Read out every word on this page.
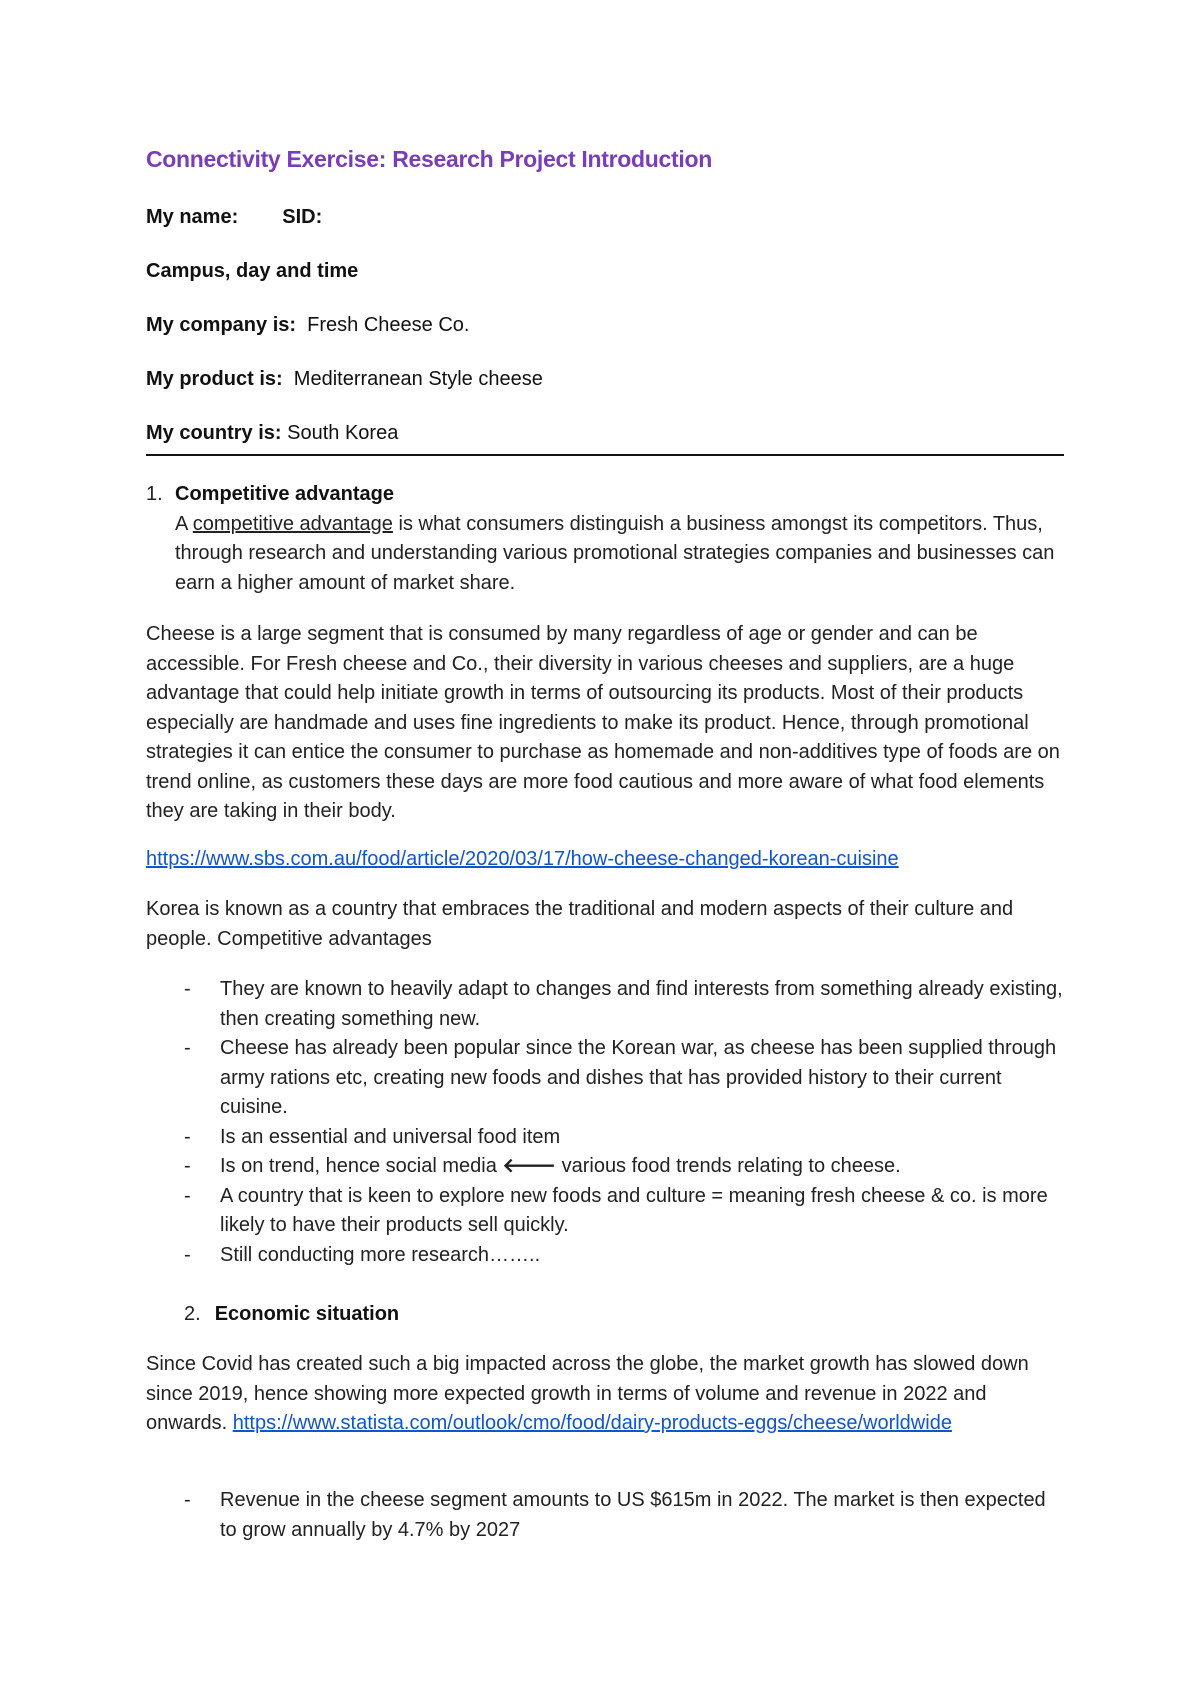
Connectivity Exercise: Research Project Introduction
My name: SID:
Campus, day and time
My company is: Fresh Cheese Co.
My product is: Mediterranean Style cheese
My country is: South Korea
1. Competitive advantage
A competitive advantage is what consumers distinguish a business amongst its competitors. Thus, through research and understanding various promotional strategies companies and businesses can earn a higher amount of market share.
Cheese is a large segment that is consumed by many regardless of age or gender and can be accessible. For Fresh cheese and Co., their diversity in various cheeses and suppliers, are a huge advantage that could help initiate growth in terms of outsourcing its products. Most of their products especially are handmade and uses fine ingredients to make its product. Hence, through promotional strategies it can entice the consumer to purchase as homemade and non-additives type of foods are on trend online, as customers these days are more food cautious and more aware of what food elements they are taking in their body.
https://www.sbs.com.au/food/article/2020/03/17/how-cheese-changed-korean-cuisine
Korea is known as a country that embraces the traditional and modern aspects of their culture and people. Competitive advantages
- They are known to heavily adapt to changes and find interests from something already existing, then creating something new.
- Cheese has already been popular since the Korean war, as cheese has been supplied through army rations etc, creating new foods and dishes that has provided history to their current cuisine.
- Is an essential and universal food item
- Is on trend, hence social media 🡐 various food trends relating to cheese.
- A country that is keen to explore new foods and culture = meaning fresh cheese & co. is more likely to have their products sell quickly.
- Still conducting more research……..
2. Economic situation
Since Covid has created such a big impacted across the globe, the market growth has slowed down since 2019, hence showing more expected growth in terms of volume and revenue in 2022 and onwards. https://www.statista.com/outlook/cmo/food/dairy-products-eggs/cheese/worldwide
- Revenue in the cheese segment amounts to US $615m in 2022. The market is then expected to grow annually by 4.7% by 2027
